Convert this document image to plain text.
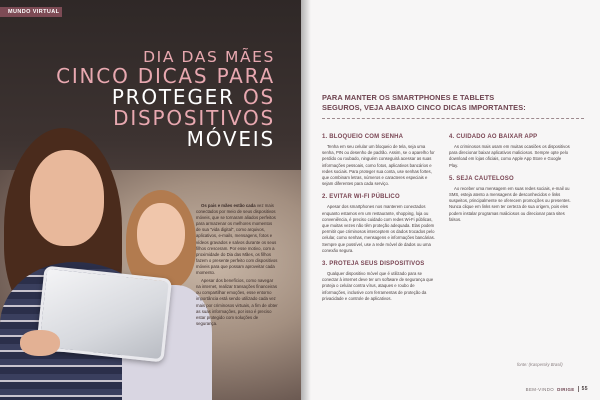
MUNDO VIRTUAL
DIA DAS MÃES
CINCO DICAS PARA
PROTEGER OS
DISPOSITIVOS
MÓVEIS

Os pais e mães estão cada vez mais conectados por meio de seus dispositivos móveis, que se tornaram aliados perfeitos para armazenar os melhores momentos de sua "vida digital", como arquivos, aplicativos, e-mails, mensagens, fotos e vídeos gravados e salvos durante os seus filhos cresceram. Por esse motivo, com a proximidade do Dia das Mães, os filhos fazem o presente perfeito com dispositivos móveis para que possam aproveitar cada momento.

Apesar dos benefícios, como navegar na internet, realizar transações financeiras ou compartilhar emoções, esse entorno importância está sendo utilizado cada vez mais por criminosos virtuais, a fim de obter as suas informações, por isso é preciso estar protegido com soluções de segurança.

PARA MANTER OS SMARTPHONES E TABLETS SEGUROS, VEJA ABAIXO CINCO DICAS IMPORTANTES:
1. BLOQUEIO COM SENHA

Tenha em seu celular um bloqueio de tela, seja uma senha, PIN ou desenho de padrão. Assim, se o aparelho for perdido ou roubado, ninguém conseguirá acessar as suas informações pessoais, como fotos, aplicativos bancários e redes sociais. Para proteger sua conta, use senhas fortes, que combinam letras, números e caracteres especiais e sejam diferentes para cada serviço.

2. EVITAR WI-FI PÚBLICO

Apesar dos smartphones nos manterem conectados enquanto estamos em um restaurante, shopping, loja ou conveniência, é preciso cuidado com redes Wi-Fi públicas, que muitas vezes não têm proteção adequada. Elas podem permitir que criminosos interceptem os dados trocados pelo celular, como senhas, mensagens e informações bancárias. Sempre que possível, use a rede móvel de dados ou uma conexão segura.

3. PROTEJA SEUS DISPOSITIVOS

Qualquer dispositivo móvel que é utilizado para se conectar à internet deve ter um software de segurança que proteja o celular contra vírus, ataques e roubo de informações, inclusive com ferramentas de proteção da privacidade e controle de aplicativos.

4. CUIDADO AO BAIXAR APP

As criminosos mais usam em muitas ocasiões os dispositivos para direcionar baixar aplicativos maliciosos. Sempre opte pelo download em lojas oficiais, como Apple App Store e Google Play.

5. SEJA CAUTELOSO

Ao receber uma mensagem em suas redes sociais, e-mail ou SMS, esteja atento a mensagens de desconhecidos e links suspeitos, principalmente se oferecem promoções ou presentes. Nunca clique em links sem ter certeza de sua origem, pois eles podem instalar programas maliciosos ou direcionar para sites falsos.

fonte: (Kaspersky Brasil)
BEM-VINDO DIRIGE 55
